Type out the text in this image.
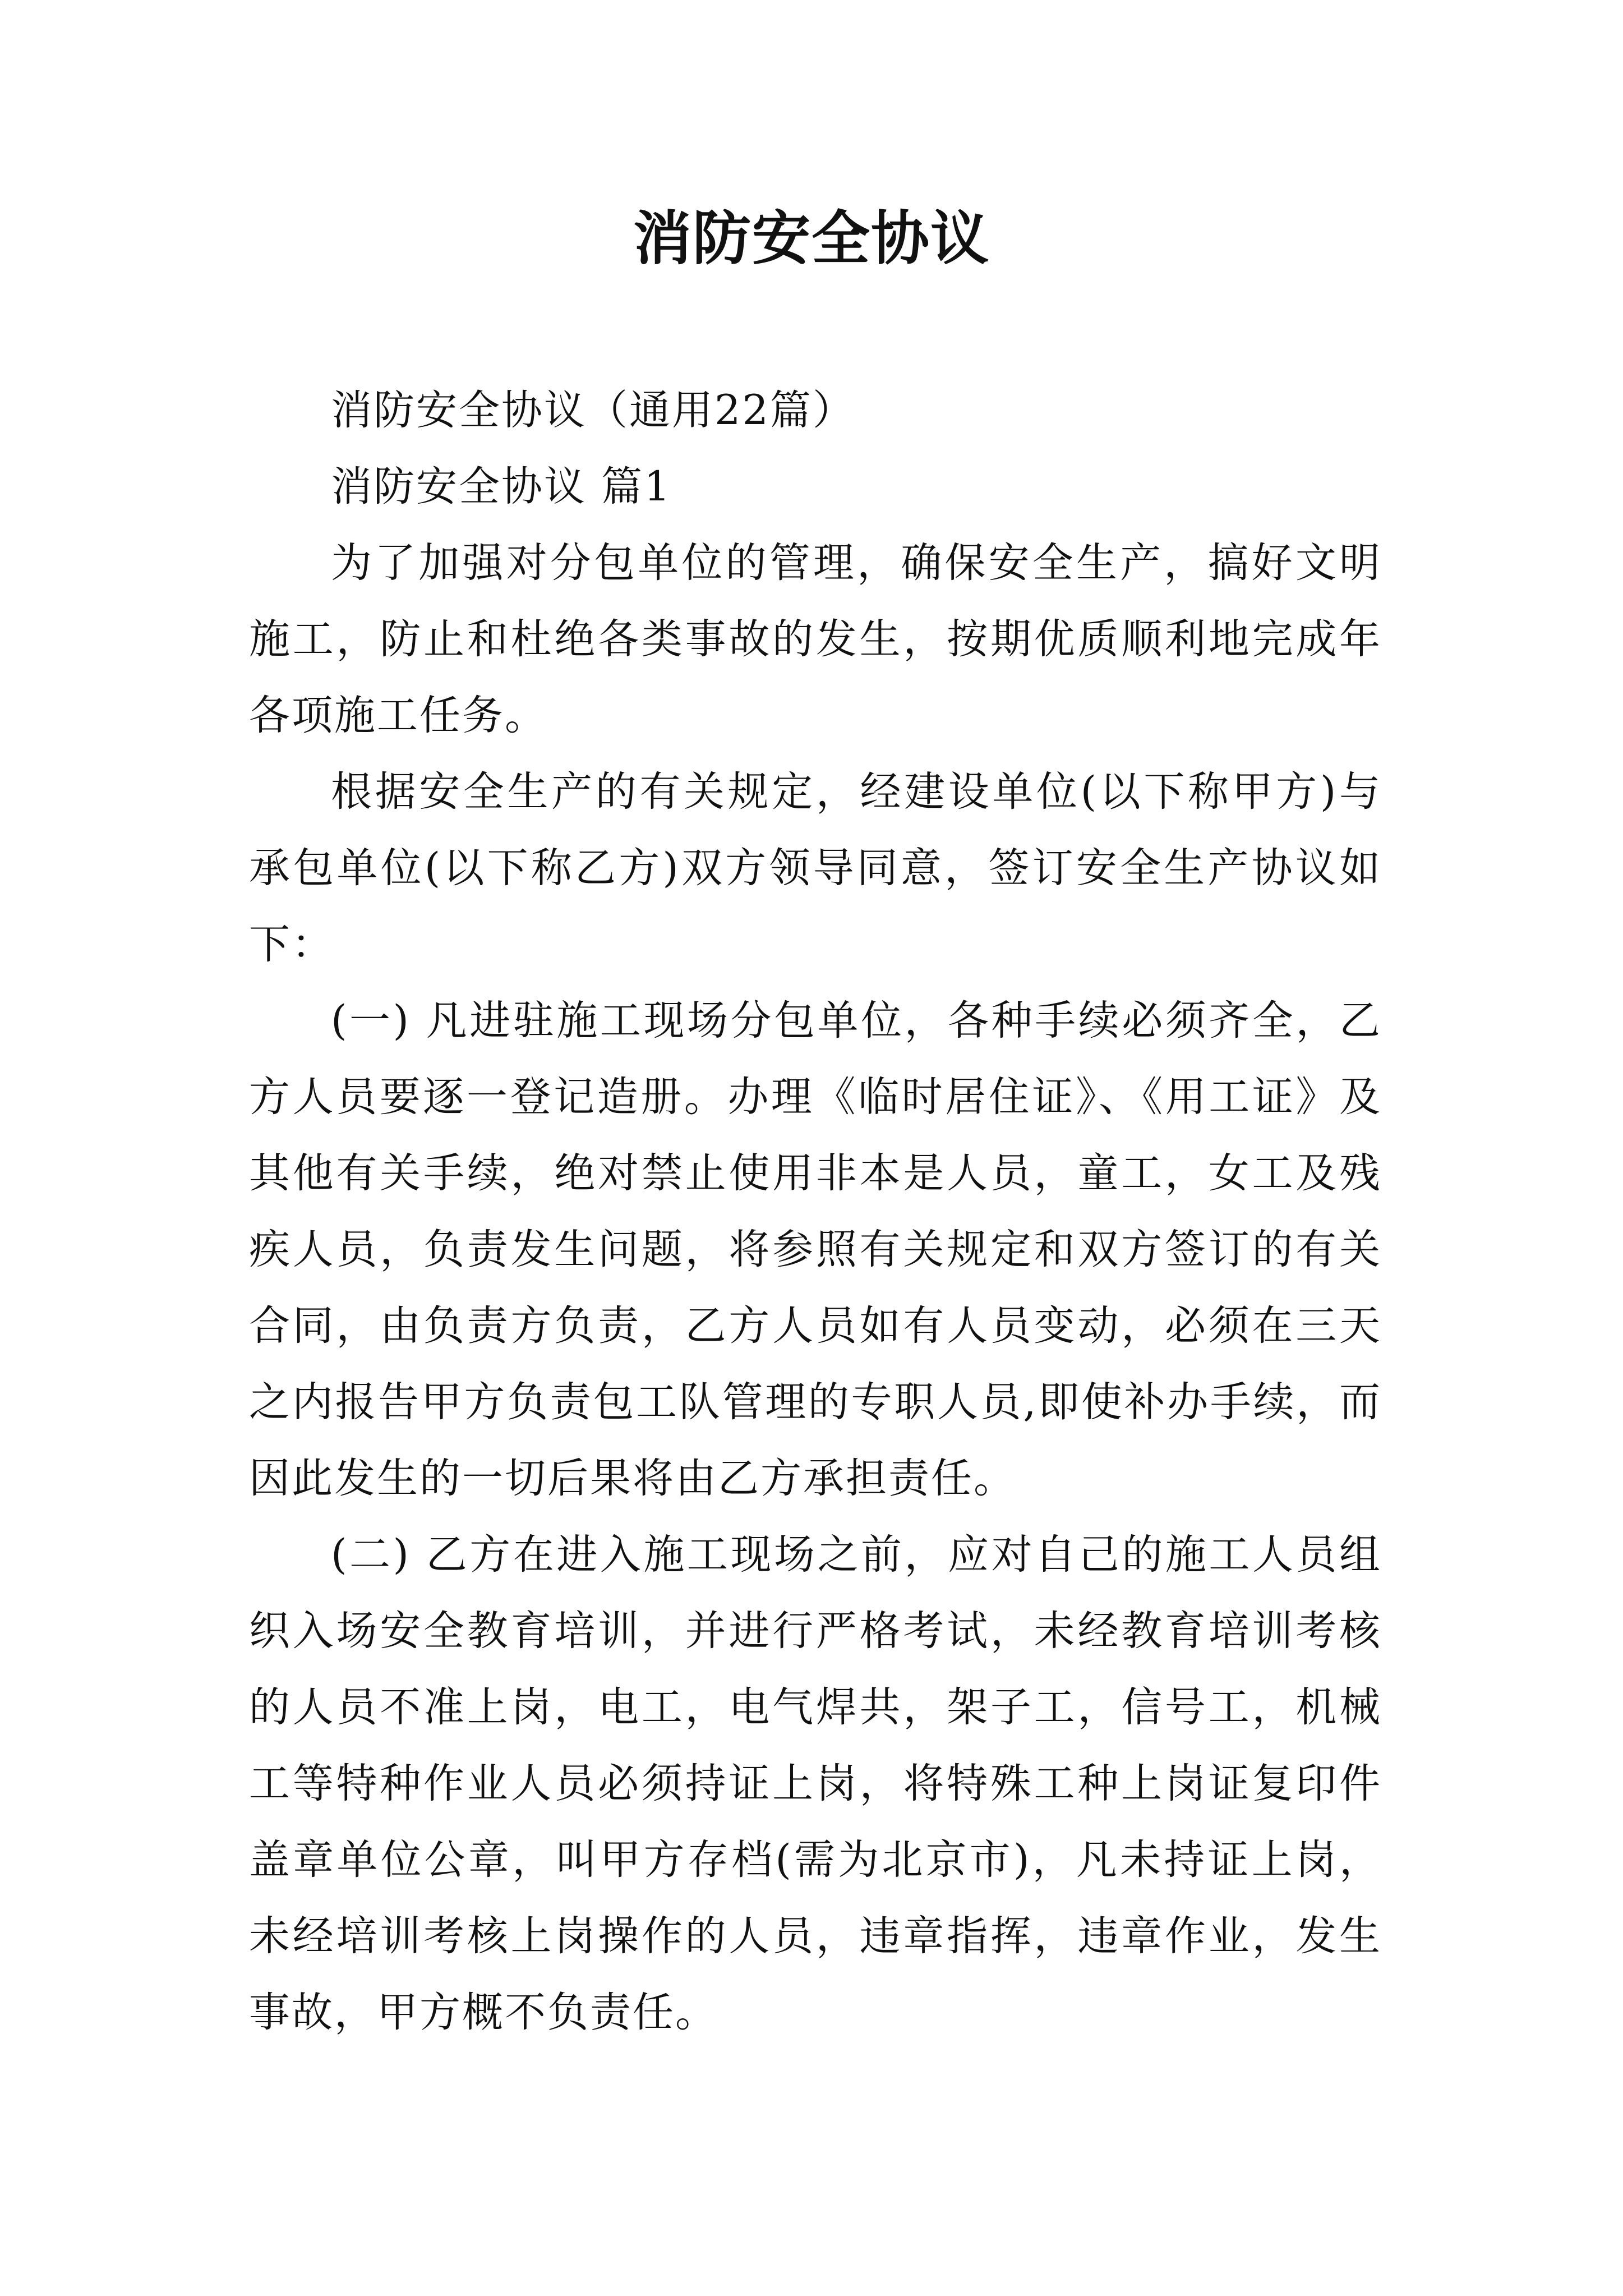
消防安全协议

消防安全协议（通用22篇）

消防安全协议 篇1

为了加强对分包单位的管理，确保安全生产，搞好文明施工，防止和杜绝各类事故的发生，按期优质顺利地完成年各项施工任务。

根据安全生产的有关规定，经建设单位(以下称甲方)与承包单位(以下称乙方)双方领导同意，签订安全生产协议如下：

(一) 凡进驻施工现场分包单位，各种手续必须齐全，乙方人员要逐一登记造册。办理《临时居住证》、《用工证》及其他有关手续，绝对禁止使用非本是人员，童工，女工及残疾人员，负责发生问题，将参照有关规定和双方签订的有关合同，由负责方负责，乙方人员如有人员变动，必须在三天之内报告甲方负责包工队管理的专职人员,即使补办手续，而因此发生的一切后果将由乙方承担责任。

(二) 乙方在进入施工现场之前，应对自己的施工人员组织入场安全教育培训，并进行严格考试，未经教育培训考核的人员不准上岗，电工，电气焊共，架子工，信号工，机械工等特种作业人员必须持证上岗，将特殊工种上岗证复印件盖章单位公章，叫甲方存档(需为北京市)，凡未持证上岗，未经培训考核上岗操作的人员，违章指挥，违章作业，发生事故，甲方概不负责任。
